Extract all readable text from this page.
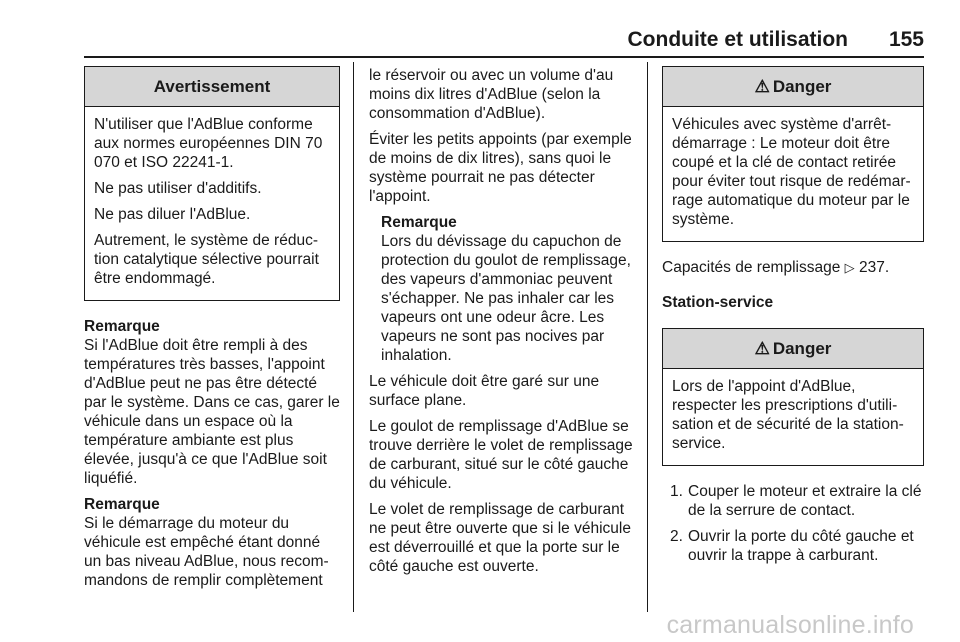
Conduite et utilisation 155
Avertissement

N'utiliser que l'AdBlue conforme aux normes européennes DIN 70 070 et ISO 22241-1.

Ne pas utiliser d'additifs.

Ne pas diluer l'AdBlue.

Autrement, le système de réduction catalytique sélective pourrait être endommagé.

Remarque
Si l'AdBlue doit être rempli à des températures très basses, l'appoint d'AdBlue peut ne pas être détecté par le système. Dans ce cas, garer le véhicule dans un espace où la température ambiante est plus élevée, jusqu'à ce que l'AdBlue soit liquéfié.
Remarque
Si le démarrage du moteur du véhicule est empêché étant donné un bas niveau AdBlue, nous recommandons de remplir complètement

le réservoir ou avec un volume d'au moins dix litres d'AdBlue (selon la consommation d'AdBlue).

Éviter les petits appoints (par exemple de moins de dix litres), sans quoi le système pourrait ne pas détecter l'appoint.

Remarque
Lors du dévissage du capuchon de protection du goulot de remplissage, des vapeurs d'ammoniac peuvent s'échapper. Ne pas inhaler car les vapeurs ont une odeur âcre. Les vapeurs ne sont pas nocives par inhalation.

Le véhicule doit être garé sur une surface plane.

Le goulot de remplissage d'AdBlue se trouve derrière le volet de remplissage de carburant, situé sur le côté gauche du véhicule.

Le volet de remplissage de carburant ne peut être ouverte que si le véhicule est déverrouillé et que la porte sur le côté gauche est ouverte.

⚠ Danger

Véhicules avec système d'arrêt-démarrage : Le moteur doit être coupé et la clé de contact retirée pour éviter tout risque de redémarrage automatique du moteur par le système.

Capacités de remplissage ▷ 237.

Station-service
⚠ Danger

Lors de l'appoint d'AdBlue, respecter les prescriptions d'utilisation et de sécurité de la station-service.

1. Couper le moteur et extraire la clé de la serrure de contact.
2. Ouvrir la porte du côté gauche et ouvrir la trappe à carburant.
carmanualsonline.info
